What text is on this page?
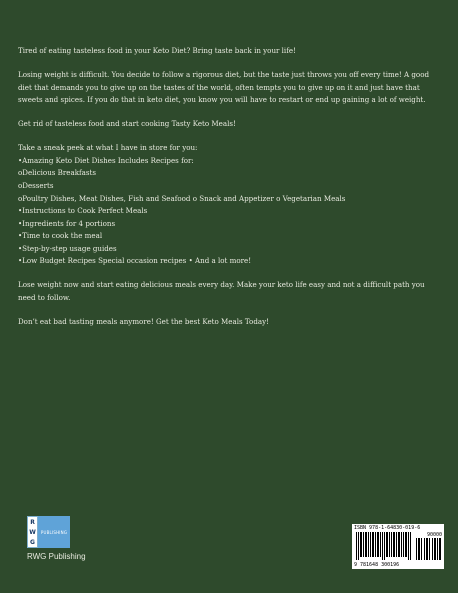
Tired of eating tasteless food in your Keto Diet? Bring taste back in your life!

Losing weight is difficult. You decide to follow a rigorous diet, but the taste just throws you off every time! A good diet that demands you to give up on the tastes of the world, often tempts you to give up on it and just have that sweets and spices. If you do that in keto diet, you know you will have to restart or end up gaining a lot of weight.

Get rid of tasteless food and start cooking Tasty Keto Meals!

Take a sneak peek at what I have in store for you:
•Amazing Keto Diet Dishes Includes Recipes for:
oDelicious Breakfasts
oDesserts
oPoultry Dishes, Meat Dishes, Fish and Seafood o Snack and Appetizer o Vegetarian Meals
•Instructions to Cook Perfect Meals
•Ingredients for 4 portions
•Time to cook the meal
•Step-by-step usage guides
•Low Budget Recipes Special occasion recipes • And a lot more!

Lose weight now and start eating delicious meals every day. Make your keto life easy and not a difficult path you need to follow.

Don’t eat bad tasting meals anymore! Get the best Keto Meals Today!

R
W
G
PUBLISHING
RWG Publishing
ISBN 978-1-64830-019-6
90000
9 781648 300196
